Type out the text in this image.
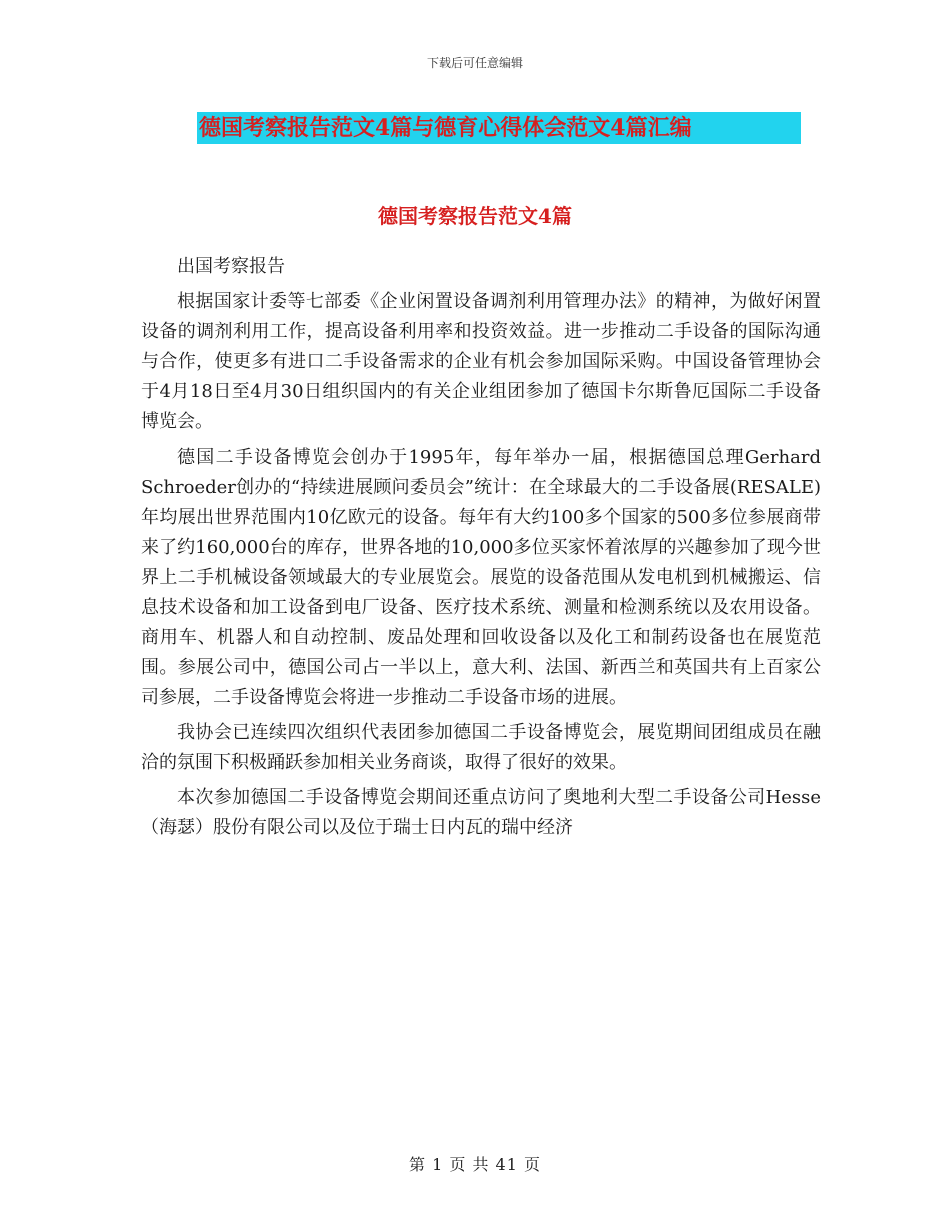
下载后可任意编辑
德国考察报告范文4篇与德育心得体会范文4篇汇编
德国考察报告范文4篇

出国考察报告

根据国家计委等七部委《企业闲置设备调剂利用管理办法》的精神，为做好闲置设备的调剂利用工作，提高设备利用率和投资效益。进一步推动二手设备的国际沟通与合作，使更多有进口二手设备需求的企业有机会参加国际采购。中国设备管理协会于4月18日至4月30日组织国内的有关企业组团参加了德国卡尔斯鲁厄国际二手设备博览会。

德国二手设备博览会创办于1995年，每年举办一届，根据德国总理Gerhard Schroeder创办的“持续进展顾问委员会”统计：在全球最大的二手设备展(RESALE) 年均展出世界范围内10亿欧元的设备。每年有大约100多个国家的500多位参展商带来了约160,000台的库存，世界各地的10,000多位买家怀着浓厚的兴趣参加了现今世界上二手机械设备领域最大的专业展览会。展览的设备范围从发电机到机械搬运、信息技术设备和加工设备到电厂设备、医疗技术系统、测量和检测系统以及农用设备。商用车、机器人和自动控制、废品处理和回收设备以及化工和制药设备也在展览范围。参展公司中，德国公司占一半以上，意大利、法国、新西兰和英国共有上百家公司参展，二手设备博览会将进一步推动二手设备市场的进展。

我协会已连续四次组织代表团参加德国二手设备博览会，展览期间团组成员在融洽的氛围下积极踊跃参加相关业务商谈，取得了很好的效果。

本次参加德国二手设备博览会期间还重点访问了奥地利大型二手设备公司Hesse（海瑟）股份有限公司以及位于瑞士日内瓦的瑞中经济

第 1 页 共 41 页
